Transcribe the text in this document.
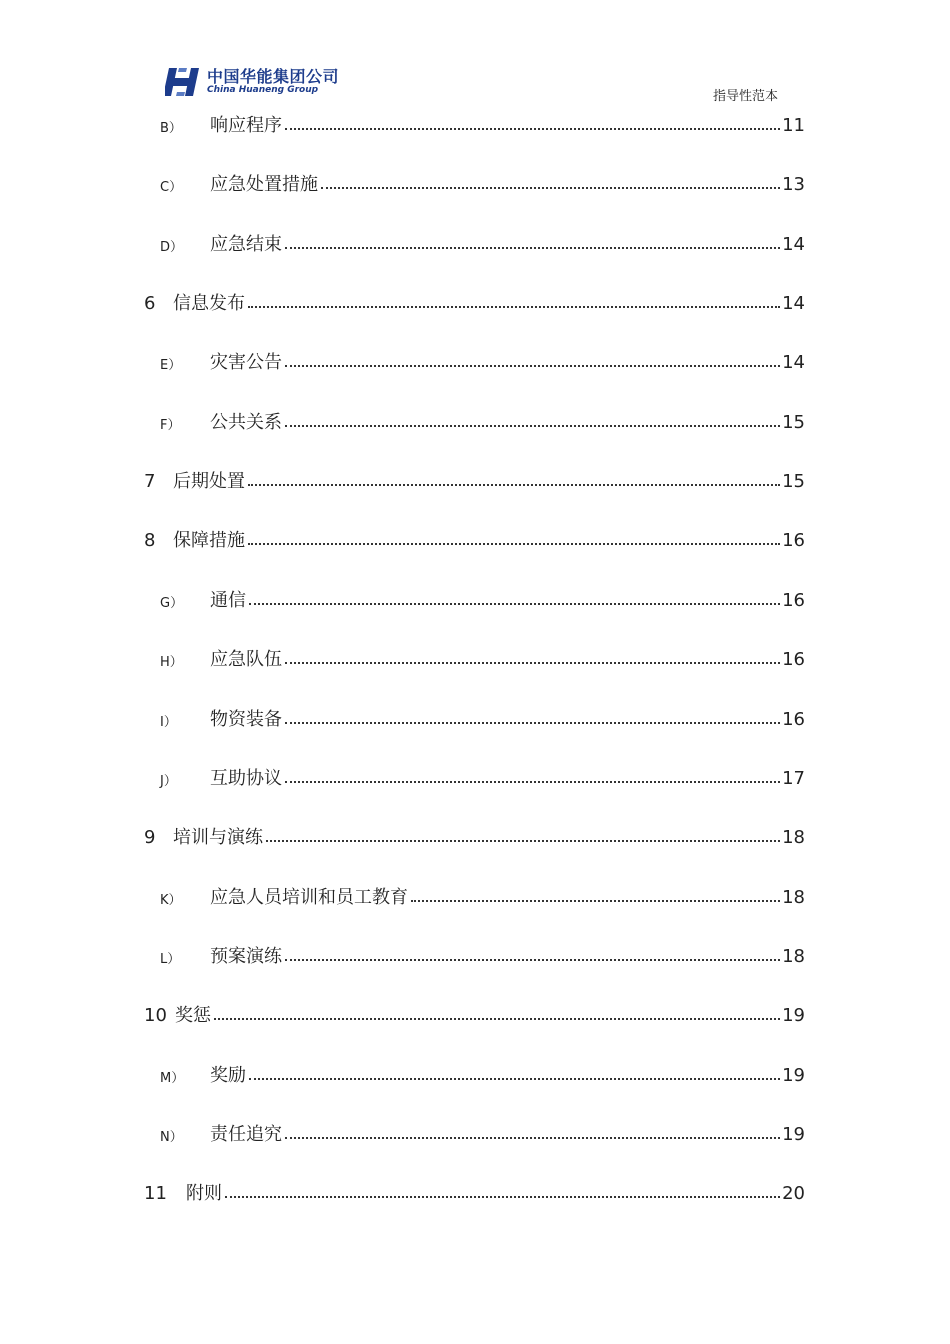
中国华能集团公司
China Huaneng Group	指导性范本
B） 响应程序	11
C） 应急处置措施	13
D） 应急结束	14
6 信息发布	14
E） 灾害公告	14
F） 公共关系	15
7 后期处置	15
8 保障措施	16
G） 通信	16
H） 应急队伍	16
I） 物资装备	16
J） 互助协议	17
9 培训与演练	18
K） 应急人员培训和员工教育	18
L） 预案演练	18
10 奖惩	19
M） 奖励	19
N） 责任追究	19
11 附则	20
